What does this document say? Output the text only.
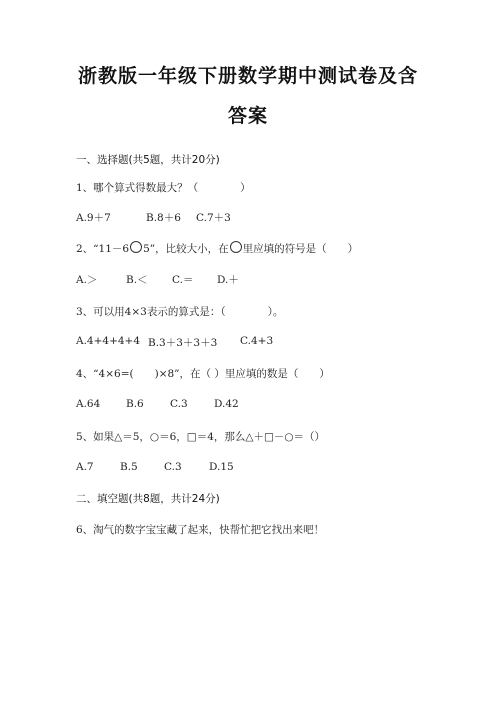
浙教版一年级下册数学期中测试卷及含
答案
一、选择题(共5题，共计20分)
1、哪个算式得数最大？（　　　　）
A.9＋7	B.8＋6 C.7＋3
2、“11－6 5”，比较大小，在 里应填的符号是（　　）
A.＞	B.＜ C.＝ D.＋
3、可以用4×3表示的算式是：（　　　　）。
A.4+4+4+4 B.3＋3＋3＋3 C.4+3
4、“4×6=(　　)×8”，在（ ）里应填的数是（　　）
A.64 B.6	C.3	D.42
5、如果△＝5，○＝6，□＝4，那么△＋□－○＝（）
A.7	B.5	C.3	D.15
二、填空题(共8题，共计24分)
6、淘气的数字宝宝藏了起来，快帮忙把它找出来吧！
